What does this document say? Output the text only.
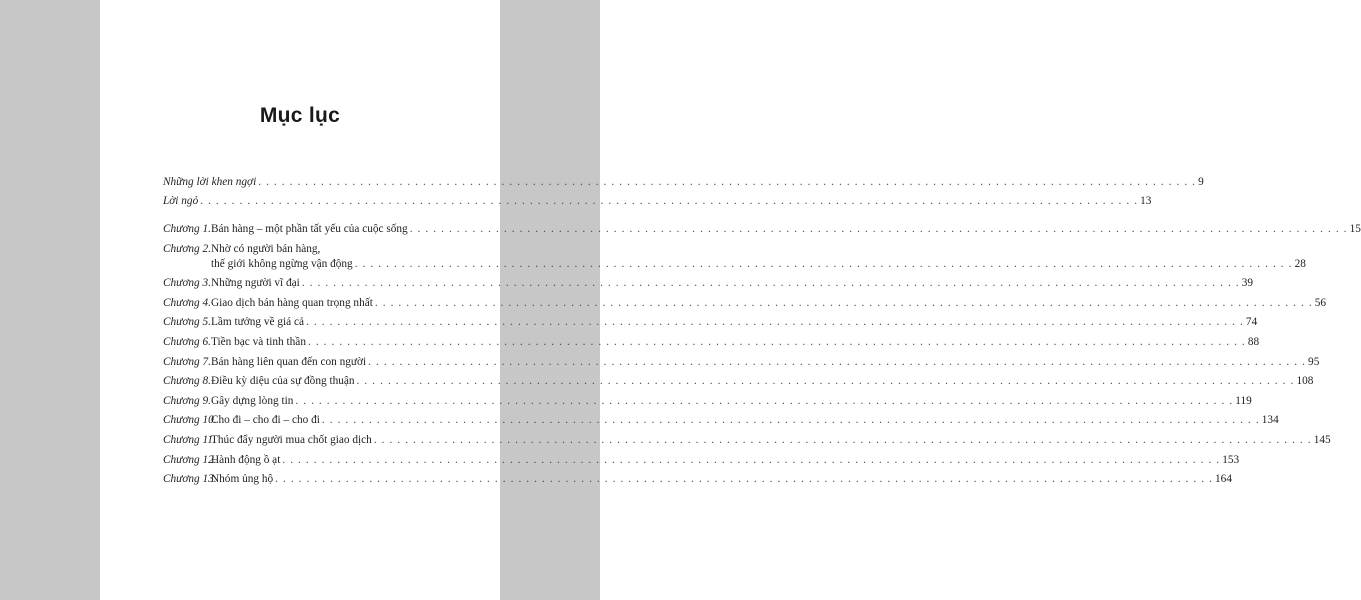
Mục lục
Những lời khen ngợi . . . . . . . . . . . . . . . . . . . . . . . . . . . . . . . . . . . . . . . . . . . . . . . . . . . . . . . . . . . . . . . . . . . . . . . . . . . . . . . . . . . . . . . . . . . . . . . . . . . . . . . . . . . . . . . . . . . . . . . . 9
Lời ngỏ . . . . . . . . . . . . . . . . . . . . . . . . . . . . . . . . . . . . . . . . . . . . . . . . . . . . . . . . . . . . . . . . . . . . . . . . . . . . . . . . . . . . . . . . . . . . . . . . . . . . . . . . . . . . . . . . . . . . . . . . 13
Chương 1. Bán hàng – một phần tất yếu của cuộc sống . . . . . . . . . . . . . . . . . . . . . . . . . . . . . . . . . . . . . . . . . . . . . . . . . . . . . . . . . . . . . . . . . . . . . . . . . . . . . . . . . . . . . . . . . . . . . . . . . . . . . . . . . . . . . . . . . . . . . . . . 15
Chương 2. Nhờ có người bán hàng,
thế giới không ngừng vận động . . . . . . . . . . . . . . . . . . . . . . . . . . . . . . . . . . . . . . . . . . . . . . . . . . . . . . . . . . . . . . . . . . . . . . . . . . . . . . . . . . . . . . . . . . . . . . . . . . . . . . . . . . . . . . . . . . . . . . . . 28
Chương 3. Những người vĩ đại . . . . . . . . . . . . . . . . . . . . . . . . . . . . . . . . . . . . . . . . . . . . . . . . . . . . . . . . . . . . . . . . . . . . . . . . . . . . . . . . . . . . . . . . . . . . . . . . . . . . . . . . . . . . . . . . . . . . . . . . 39
Chương 4. Giao dịch bán hàng quan trọng nhất . . . . . . . . . . . . . . . . . . . . . . . . . . . . . . . . . . . . . . . . . . . . . . . . . . . . . . . . . . . . . . . . . . . . . . . . . . . . . . . . . . . . . . . . . . . . . . . . . . . . . . . . . . . . . . . . . . . . . . . . 56
Chương 5. Lầm tưởng về giá cả . . . . . . . . . . . . . . . . . . . . . . . . . . . . . . . . . . . . . . . . . . . . . . . . . . . . . . . . . . . . . . . . . . . . . . . . . . . . . . . . . . . . . . . . . . . . . . . . . . . . . . . . . . . . . . . . . . . . . . . . 74
Chương 6. Tiền bạc và tinh thần . . . . . . . . . . . . . . . . . . . . . . . . . . . . . . . . . . . . . . . . . . . . . . . . . . . . . . . . . . . . . . . . . . . . . . . . . . . . . . . . . . . . . . . . . . . . . . . . . . . . . . . . . . . . . . . . . . . . . . . . 88
Chương 7. Bán hàng liên quan đến con người . . . . . . . . . . . . . . . . . . . . . . . . . . . . . . . . . . . . . . . . . . . . . . . . . . . . . . . . . . . . . . . . . . . . . . . . . . . . . . . . . . . . . . . . . . . . . . . . . . . . . . . . . . . . . . . . . . . . . . . . 95
Chương 8. Điều kỳ diệu của sự đồng thuận . . . . . . . . . . . . . . . . . . . . . . . . . . . . . . . . . . . . . . . . . . . . . . . . . . . . . . . . . . . . . . . . . . . . . . . . . . . . . . . . . . . . . . . . . . . . . . . . . . . . . . . . . . . . . . . . . . . . . . . . 108
Chương 9. Gây dựng lòng tin . . . . . . . . . . . . . . . . . . . . . . . . . . . . . . . . . . . . . . . . . . . . . . . . . . . . . . . . . . . . . . . . . . . . . . . . . . . . . . . . . . . . . . . . . . . . . . . . . . . . . . . . . . . . . . . . . . . . . . . . 119
Chương 10.
Cho đi – cho đi – cho đi . . . . . . . . . . . . . . . . . . . . . . . . . . . . . . . . . . . . . . . . . . . . . . . . . . . . . . . . . . . . . . . . . . . . . . . . . . . . . . . . . . . . . . . . . . . . . . . . . . . . . . . . . . . . . . . . . . . . . . . . 134
Chương 11.
Thúc đẩy người mua chốt giao dịch . . . . . . . . . . . . . . . . . . . . . . . . . . . . . . . . . . . . . . . . . . . . . . . . . . . . . . . . . . . . . . . . . . . . . . . . . . . . . . . . . . . . . . . . . . . . . . . . . . . . . . . . . . . . . . . . . . . . . . . . 145
Chương 12.
Hành động ồ ạt . . . . . . . . . . . . . . . . . . . . . . . . . . . . . . . . . . . . . . . . . . . . . . . . . . . . . . . . . . . . . . . . . . . . . . . . . . . . . . . . . . . . . . . . . . . . . . . . . . . . . . . . . . . . . . . . . . . . . . . . 153
Chương 13.
Nhóm ủng hộ . . . . . . . . . . . . . . . . . . . . . . . . . . . . . . . . . . . . . . . . . . . . . . . . . . . . . . . . . . . . . . . . . . . . . . . . . . . . . . . . . . . . . . . . . . . . . . . . . . . . . . . . . . . . . . . . . . . . . . . . 164
